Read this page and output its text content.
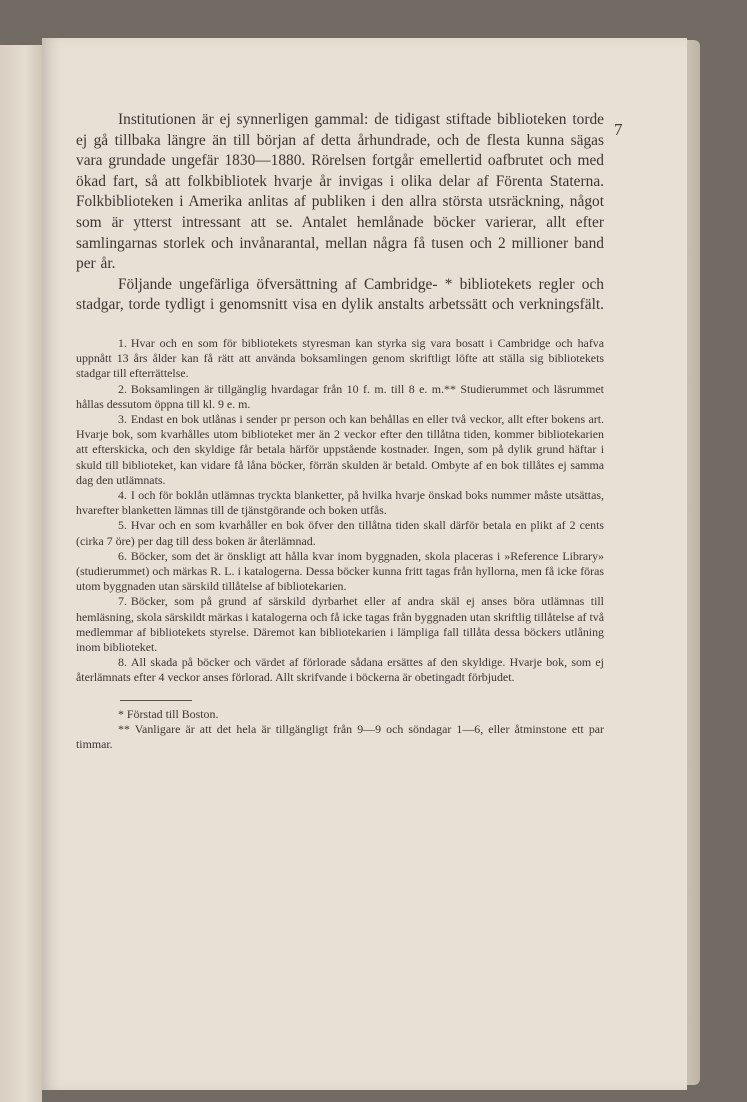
7

Institutionen är ej synnerligen gammal: de tidigast stiftade biblioteken torde ej gå tillbaka längre än till början af detta århundrade, och de flesta kunna sägas vara grundade ungefär 1830—1880. Rörelsen fortgår emellertid oafbrutet och med ökad fart, så att folkbibliotek hvarje år invigas i olika delar af Förenta Staterna. Folkbiblioteken i Amerika anlitas af publiken i den allra största utsräckning, något som är ytterst intressant att se. Antalet hemlånade böcker varierar, allt efter samlingarnas storlek och invånarantal, mellan några få tusen och 2 millioner band per år.

Följande ungefärliga öfversättning af Cambridge- * bibliotekets regler och stadgar, torde tydligt i genomsnitt visa en dylik anstalts arbetssätt och verkningsfält.

1. Hvar och en som för bibliotekets styresman kan styrka sig vara bosatt i Cambridge och hafva uppnått 13 års ålder kan få rätt att använda boksamlingen genom skriftligt löfte att ställa sig bibliotekets stadgar till efterrättelse.

2. Boksamlingen är tillgänglig hvardagar från 10 f. m. till 8 e. m.** Studierummet och läsrummet hållas dessutom öppna till kl. 9 e. m.

3. Endast en bok utlånas i sender pr person och kan behållas en eller två veckor, allt efter bokens art. Hvarje bok, som kvarhålles utom biblioteket mer än 2 veckor efter den tillåtna tiden, kommer bibliotekarien att efterskicka, och den skyldige får betala härför uppstående kostnader. Ingen, som på dylik grund häftar i skuld till biblioteket, kan vidare få låna böcker, förrän skulden är betald. Ombyte af en bok tillåtes ej samma dag den utlämnats.

4. I och för boklån utlämnas tryckta blanketter, på hvilka hvarje önskad boks nummer måste utsättas, hvarefter blanketten lämnas till de tjänstgörande och boken utfås.

5. Hvar och en som kvarhåller en bok öfver den tillåtna tiden skall därför betala en plikt af 2 cents (cirka 7 öre) per dag till dess boken är återlämnad.

6. Böcker, som det är önskligt att hålla kvar inom byggnaden, skola placeras i »Reference Library» (studierummet) och märkas R. L. i katalogerna. Dessa böcker kunna fritt tagas från hyllorna, men få icke föras utom byggnaden utan särskild tillåtelse af bibliotekarien.

7. Böcker, som på grund af särskild dyrbarhet eller af andra skäl ej anses böra utlämnas till hemläsning, skola särskildt märkas i katalogerna och få icke tagas från byggnaden utan skriftlig tillåtelse af två medlemmar af bibliotekets styrelse. Däremot kan bibliotekarien i lämpliga fall tillåta dessa böckers utlåning inom biblioteket.

8. All skada på böcker och värdet af förlorade sådana ersättes af den skyldige. Hvarje bok, som ej återlämnats efter 4 veckor anses förlorad. Allt skrifvande i böckerna är obetingadt förbjudet.

* Förstad till Boston.

** Vanligare är att det hela är tillgängligt från 9—9 och söndagar 1—6, eller åtminstone ett par timmar.
